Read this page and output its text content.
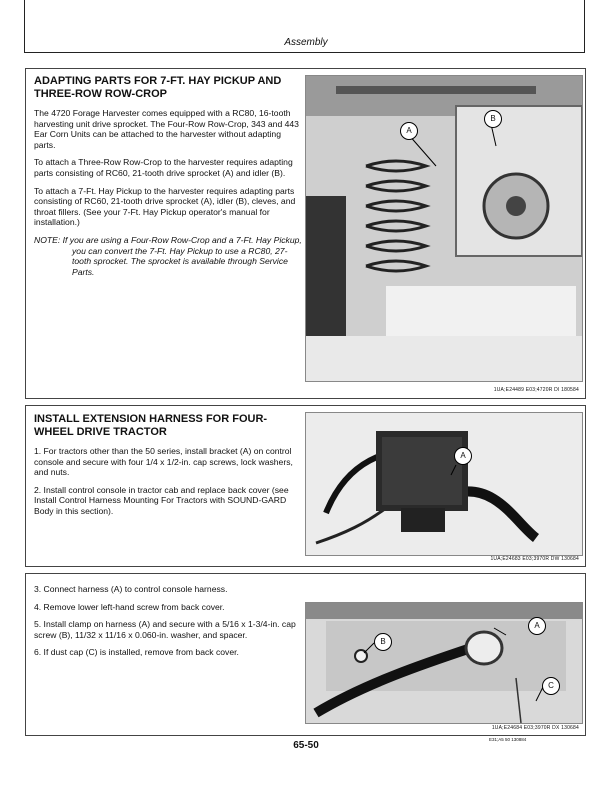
Assembly
ADAPTING PARTS FOR 7-FT. HAY PICKUP AND THREE-ROW ROW-CROP

The 4720 Forage Harvester comes equipped with a RC80, 16-tooth harvesting unit drive sprocket. The Four-Row Row-Crop, 343 and 443 Ear Corn Units can be attached to the harvester without adapting parts.

To attach a Three-Row Row-Crop to the harvester requires adapting parts consisting of RC60, 21-tooth drive sprocket (A) and idler (B).

To attach a 7-Ft. Hay Pickup to the harvester requires adapting parts consisting of RC60, 21-tooth drive sprocket (A), idler (B), cleves, and throat fillers. (See your 7-Ft. Hay Pickup operator's manual for installation.)

NOTE: If you are using a Four-Row Row-Crop and a 7-Ft. Hay Pickup, you can convert the 7-Ft. Hay Pickup to use a RC80, 27-tooth sprocket. The sprocket is available through Service Parts.

A
B
1UA;E24489 E03;4720R DI 180584
INSTALL EXTENSION HARNESS FOR FOUR-WHEEL DRIVE TRACTOR

1. For tractors other than the 50 series, install bracket (A) on control console and secure with four 1/4 x 1/2-in. cap screws, lock washers, and nuts.

2. Install control console in tractor cab and replace back cover (see Install Control Harness Mounting For Tractors with SOUND-GARD Body in this section).

A
1UA;E24683 E03;3970R DW 130684

3. Connect harness (A) to control console harness.

4. Remove lower left-hand screw from back cover.

5. Install clamp on harness (A) and secure with a 5/16 x 1-3/4-in. cap screw (B), 11/32 x 11/16 x 0.060-in. washer, and spacer.

6. If dust cap (C) is installed, remove from back cover.

A
B
C
1UA;E24684 E03;3970R DX 130684
E31;A5 50 130884
65-50
